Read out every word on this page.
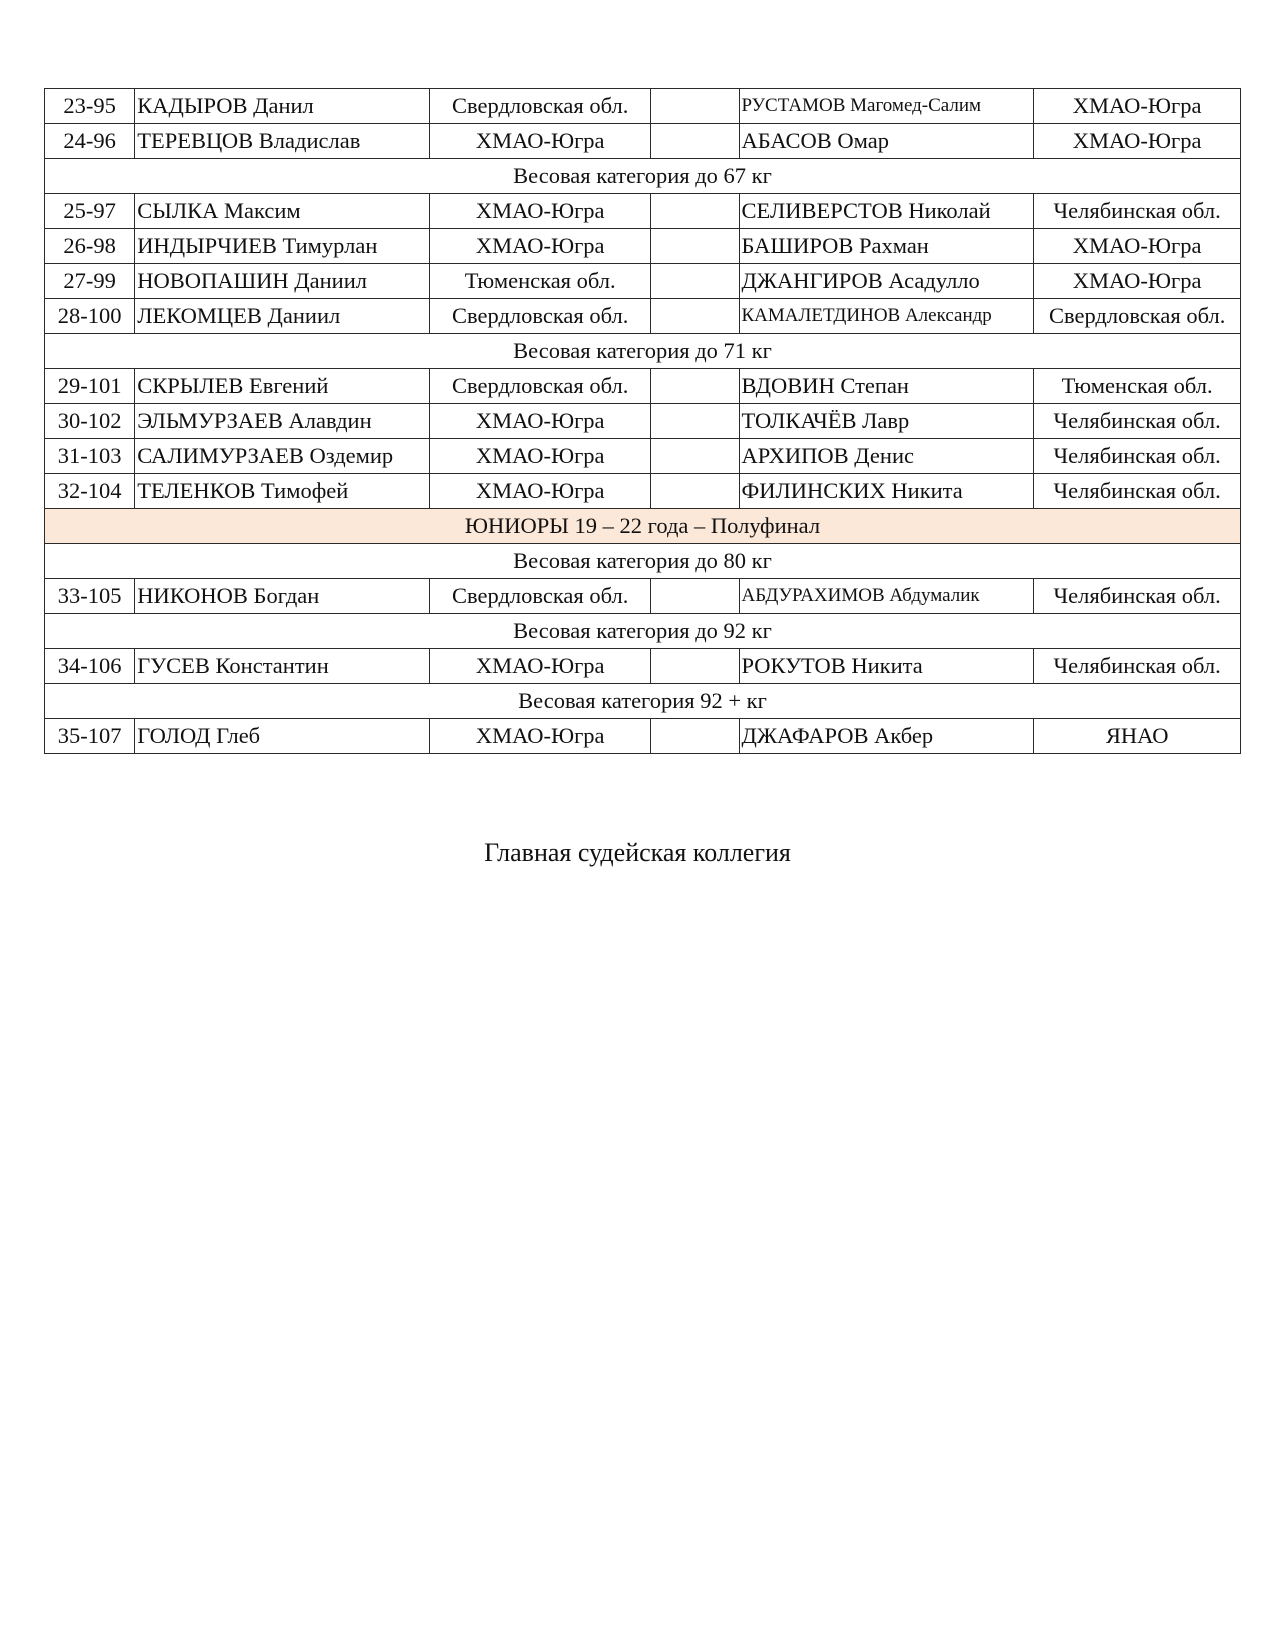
23-95	КАДЫРОВ Данил	Свердловская обл.		РУСТАМОВ Магомед-Салим	ХМАО-Югра
24-96	ТЕРЕВЦОВ Владислав	ХМАО-Югра		АБАСОВ Омар	ХМАО-Югра
Весовая категория до 67 кг					
25-97	СЫЛКА Максим	ХМАО-Югра		СЕЛИВЕРСТОВ Николай	Челябинская обл.
26-98	ИНДЫРЧИЕВ Тимурлан	ХМАО-Югра		БАШИРОВ Рахман	ХМАО-Югра
27-99	НОВОПАШИН Даниил	Тюменская обл.		ДЖАНГИРОВ Асадулло	ХМАО-Югра
28-100	ЛЕКОМЦЕВ Даниил	Свердловская обл.		КАМАЛЕТДИНОВ Александр	Свердловская обл.
Весовая категория до 71 кг					
29-101	СКРЫЛЕВ Евгений	Свердловская обл.		ВДОВИН Степан	Тюменская обл.
30-102	ЭЛЬМУРЗАЕВ Алавдин	ХМАО-Югра		ТОЛКАЧЁВ Лавр	Челябинская обл.
31-103	САЛИМУРЗАЕВ Оздемир	ХМАО-Югра		АРХИПОВ Денис	Челябинская обл.
32-104	ТЕЛЕНКОВ Тимофей	ХМАО-Югра		ФИЛИНСКИХ Никита	Челябинская обл.
ЮНИОРЫ 19 – 22 года – Полуфинал					
Весовая категория до 80 кг					
33-105	НИКОНОВ Богдан	Свердловская обл.		АБДУРАХИМОВ Абдумалик	Челябинская обл.
Весовая категория до 92 кг					
34-106	ГУСЕВ Константин	ХМАО-Югра		РОКУТОВ Никита	Челябинская обл.
Весовая категория 92 + кг					
35-107	ГОЛОД Глеб	ХМАО-Югра		ДЖАФАРОВ Акбер	ЯНАО
Главная судейская коллегия
